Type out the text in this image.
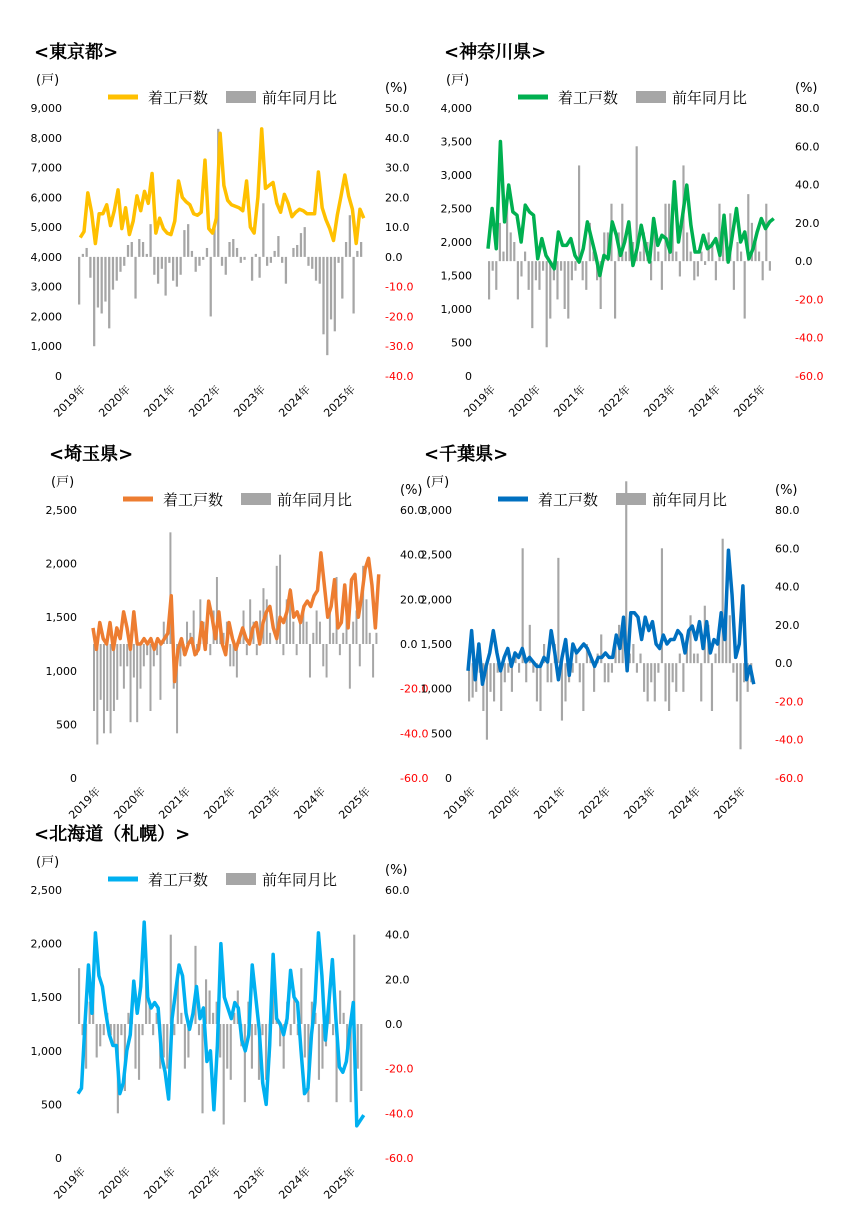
<東京都>
着工戸数	前年同月比
(戸)
(%)
0
1,000
2,000
3,000
4,000
5,000
6,000
7,000
8,000
9,000
-40.0
-30.0
-20.0
-10.0
0.0
10.0
20.0
30.0
40.0
50.0
2019年 2020年 2021年 2022年 2023年 2024年 2025年
<神奈川県>
着工戸数	前年同月比
(戸)
(%)
0
500
1,000
1,500
2,000
2,500
3,000
3,500
4,000
-60.0
-40.0
-20.0
0.0
20.0
40.0
60.0
80.0
2019年 2020年 2021年 2022年 2023年 2024年 2025年
<埼玉県>
着工戸数	前年同月比
(戸)
(%)
0
500
1,000
1,500
2,000
2,500
-60.0
-40.0
-20.0
0.0
20.0
40.0
60.0
2019年 2020年 2021年 2022年 2023年 2024年 2025年
<千葉県>
着工戸数	前年同月比
(戸)
(%)
0
500
1,000
1,500
2,000
2,500
3,000
-60.0
-40.0
-20.0
0.0
20.0
40.0
60.0
80.0
2019年 2020年 2021年 2022年 2023年 2024年 2025年
<北海道（札幌）>
着工戸数	前年同月比
(戸)
(%)
0
500
1,000
1,500
2,000
2,500
-60.0
-40.0
-20.0
0.0
20.0
40.0
60.0
2019年 2020年 2021年 2022年 2023年 2024年 2025年
